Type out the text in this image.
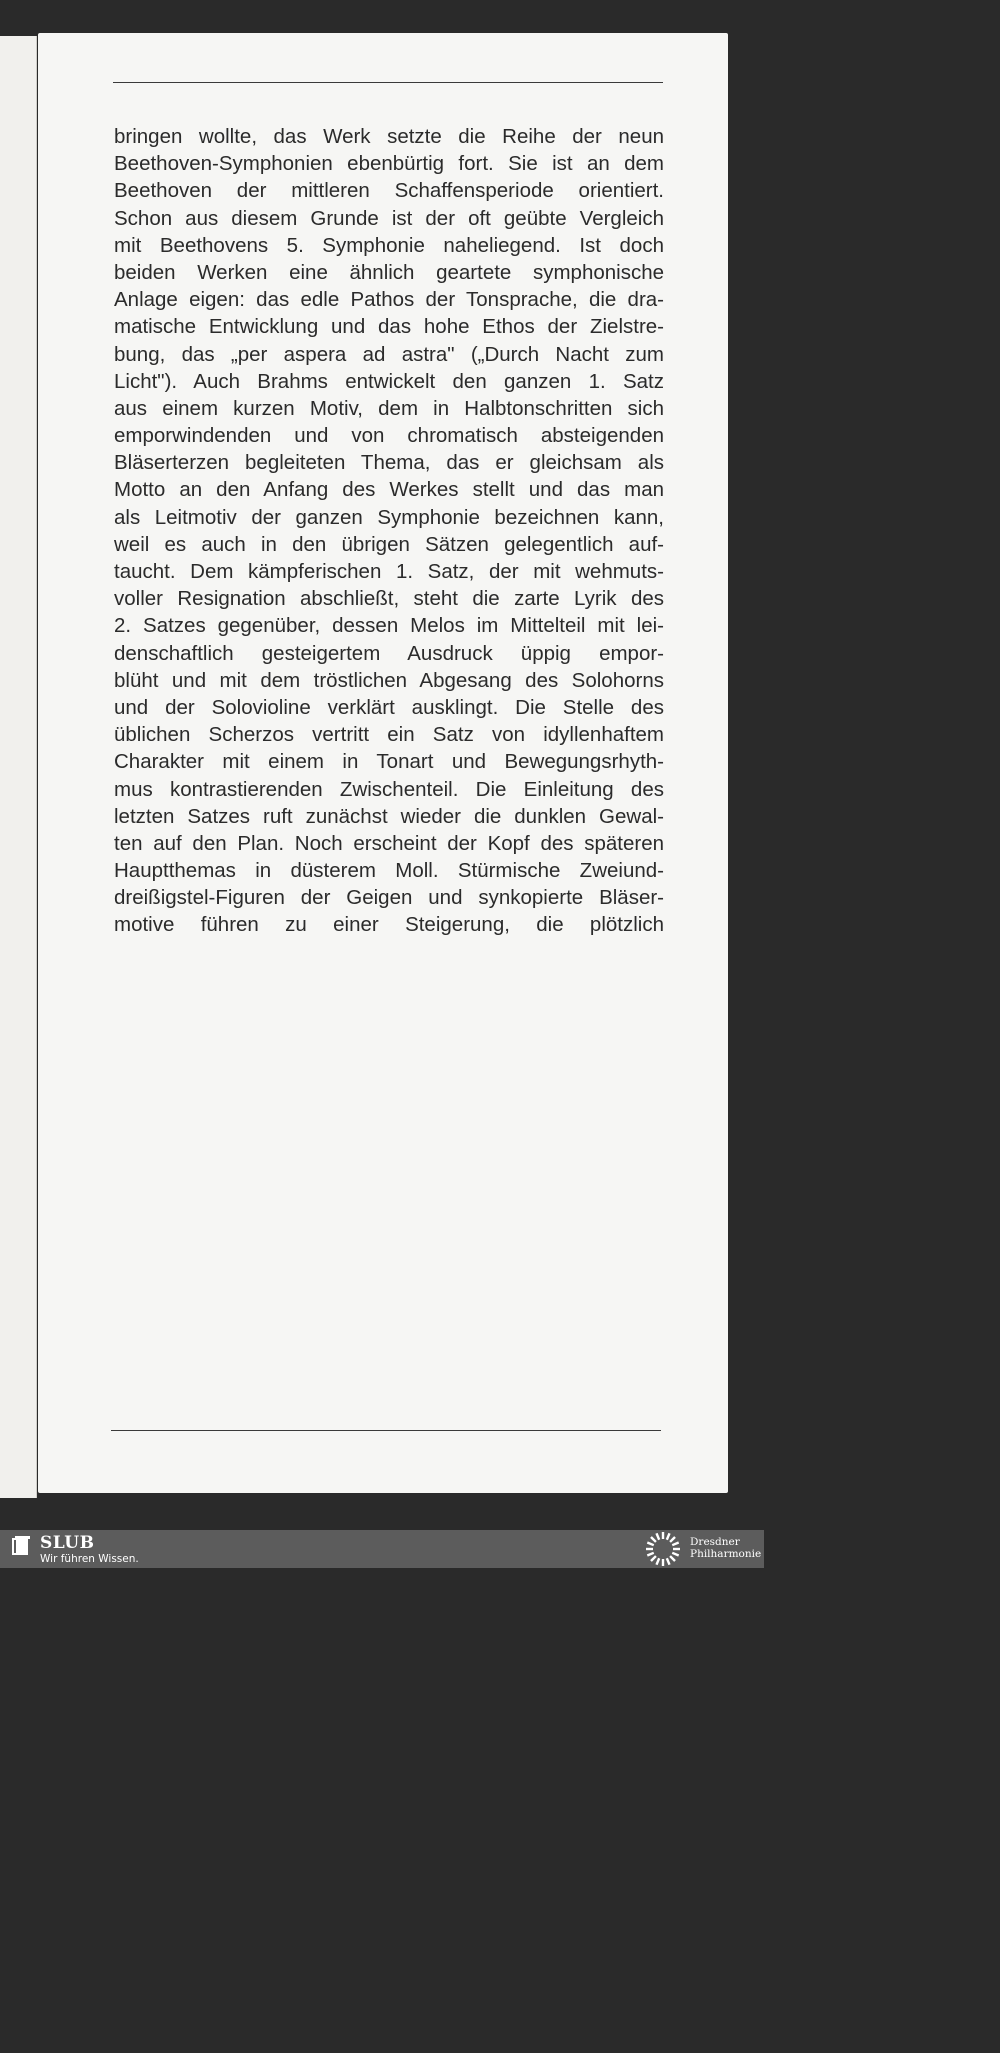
bringen wollte, das Werk setzte die Reihe der neun
Beethoven-Symphonien ebenbürtig fort. Sie ist an dem
Beethoven der mittleren Schaffensperiode orientiert.
Schon aus diesem Grunde ist der oft geübte Vergleich
mit Beethovens 5. Symphonie naheliegend. Ist doch
beiden Werken eine ähnlich geartete symphonische
Anlage eigen: das edle Pathos der Tonsprache, die dra-
matische Entwicklung und das hohe Ethos der Zielstre-
bung, das „per aspera ad astra" („Durch Nacht zum
Licht"). Auch Brahms entwickelt den ganzen 1. Satz
aus einem kurzen Motiv, dem in Halbtonschritten sich
emporwindenden und von chromatisch absteigenden
Bläserterzen begleiteten Thema, das er gleichsam als
Motto an den Anfang des Werkes stellt und das man
als Leitmotiv der ganzen Symphonie bezeichnen kann,
weil es auch in den übrigen Sätzen gelegentlich auf-
taucht. Dem kämpferischen 1. Satz, der mit wehmuts-
voller Resignation abschließt, steht die zarte Lyrik des
2. Satzes gegenüber, dessen Melos im Mittelteil mit lei-
denschaftlich gesteigertem Ausdruck üppig empor-
blüht und mit dem tröstlichen Abgesang des Solohorns
und der Solovioline verklärt ausklingt. Die Stelle des
üblichen Scherzos vertritt ein Satz von idyllenhaftem
Charakter mit einem in Tonart und Bewegungsrhyth-
mus kontrastierenden Zwischenteil. Die Einleitung des
letzten Satzes ruft zunächst wieder die dunklen Gewal-
ten auf den Plan. Noch erscheint der Kopf des späteren
Hauptthemas in düsterem Moll. Stürmische Zweiund-
dreißigstel-Figuren der Geigen und synkopierte Bläser-
motive führen zu einer Steigerung, die plötzlich
SLUB
Wir führen Wissen.
Dresdner
Philharmonie
